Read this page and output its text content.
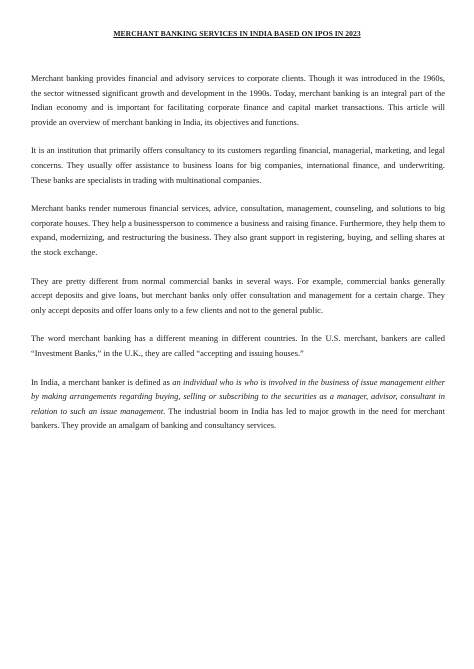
MERCHANT BANKING SERVICES IN INDIA BASED ON IPOS IN 2023

Merchant banking provides financial and advisory services to corporate clients. Though it was introduced in the 1960s, the sector witnessed significant growth and development in the 1990s. Today, merchant banking is an integral part of the Indian economy and is important for facilitating corporate finance and capital market transactions. This article will provide an overview of merchant banking in India, its objectives and functions.

It is an institution that primarily offers consultancy to its customers regarding financial, managerial, marketing, and legal concerns. They usually offer assistance to business loans for big companies, international finance, and underwriting. These banks are specialists in trading with multinational companies.

Merchant banks render numerous financial services, advice, consultation, management, counseling, and solutions to big corporate houses. They help a businessperson to commence a business and raising finance. Furthermore, they help them to expand, modernizing, and restructuring the business. They also grant support in registering, buying, and selling shares at the stock exchange.

They are pretty different from normal commercial banks in several ways. For example, commercial banks generally accept deposits and give loans, but merchant banks only offer consultation and management for a certain charge. They only accept deposits and offer loans only to a few clients and not to the general public.

The word merchant banking has a different meaning in different countries. In the U.S. merchant, bankers are called “Investment Banks,” in the U.K., they are called “accepting and issuing houses.”

In India, a merchant banker is defined as an individual who is who is involved in the business of issue management either by making arrangements regarding buying, selling or subscribing to the securities as a manager, advisor, consultant in relation to such an issue management. The industrial boom in India has led to major growth in the need for merchant bankers. They provide an amalgam of banking and consultancy services.
